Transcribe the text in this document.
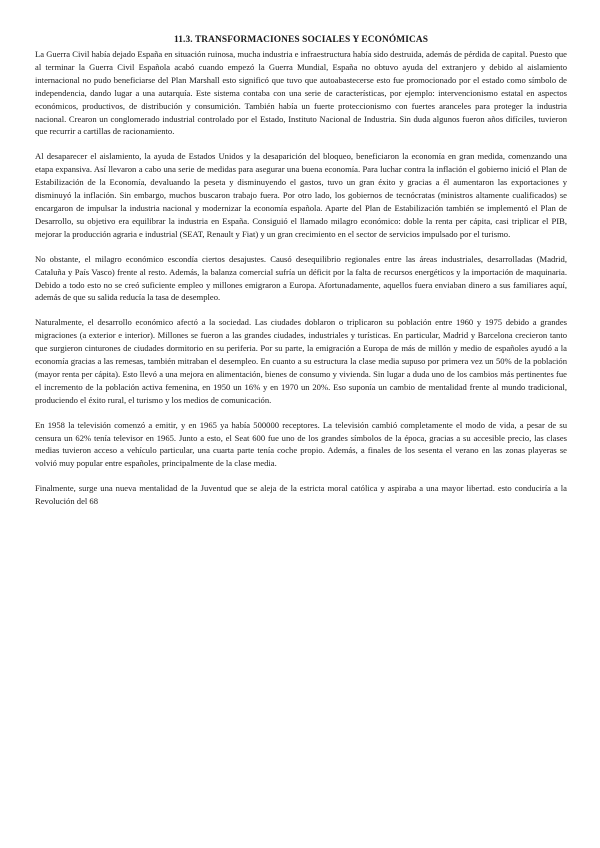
11.3. TRANSFORMACIONES SOCIALES Y ECONÓMICAS

La Guerra Civil había dejado España en situación ruinosa, mucha industria e infraestructura había sido destruida, además de pérdida de capital. Puesto que al terminar la Guerra Civil Española acabó cuando empezó la Guerra Mundial, España no obtuvo ayuda del extranjero y debido al aislamiento internacional no pudo beneficiarse del Plan Marshall esto significó que tuvo que autoabastecerse esto fue promocionado por el estado como símbolo de independencia, dando lugar a una autarquía. Este sistema contaba con una serie de características, por ejemplo: intervencionismo estatal en aspectos económicos, productivos, de distribución y consumición. También había un fuerte proteccionismo con fuertes aranceles para proteger la industria nacional. Crearon un conglomerado industrial controlado por el Estado, Instituto Nacional de Industria. Sin duda algunos fueron años difíciles, tuvieron que recurrir a cartillas de racionamiento.

Al desaparecer el aislamiento, la ayuda de Estados Unidos y la desaparición del bloqueo, beneficiaron la economía en gran medida, comenzando una etapa expansiva. Así llevaron a cabo una serie de medidas para asegurar una buena economía. Para luchar contra la inflación el gobierno inició el Plan de Estabilización de la Economía, devaluando la peseta y disminuyendo el gastos, tuvo un gran éxito y gracias a él aumentaron las exportaciones y disminuyó la inflación. Sin embargo, muchos buscaron trabajo fuera. Por otro lado, los gobiernos de tecnócratas (ministros altamente cualificados) se encargaron de impulsar la industria nacional y modernizar la economía española. Aparte del Plan de Estabilización también se implementó el Plan de Desarrollo, su objetivo era equilibrar la industria en España. Consiguió el llamado milagro económico: doble la renta per cápita, casi triplicar el PIB, mejorar la producción agraria e industrial (SEAT, Renault y Fiat) y un gran crecimiento en el sector de servicios impulsado por el turismo.

No obstante, el milagro económico escondía ciertos desajustes. Causó desequilibrio regionales entre las áreas industriales, desarrolladas (Madrid, Cataluña y País Vasco) frente al resto. Además, la balanza comercial sufría un déficit por la falta de recursos energéticos y la importación de maquinaria. Debido a todo esto no se creó suficiente empleo y millones emigraron a Europa. Afortunadamente, aquellos fuera enviaban dinero a sus familiares aquí, además de que su salida reducía la tasa de desempleo.

Naturalmente, el desarrollo económico afectó a la sociedad. Las ciudades doblaron o triplicaron su población entre 1960 y 1975 debido a grandes migraciones (a exterior e interior). Millones se fueron a las grandes ciudades, industriales y turísticas. En particular, Madrid y Barcelona crecieron tanto que surgieron cinturones de ciudades dormitorio en su periferia. Por su parte, la emigración a Europa de más de millón y medio de españoles ayudó a la economía gracias a las remesas, también mitraban el desempleo. En cuanto a su estructura la clase media supuso por primera vez un 50% de la población (mayor renta per cápita). Esto llevó a una mejora en alimentación, bienes de consumo y vivienda. Sin lugar a duda uno de los cambios más pertinentes fue el incremento de la población activa femenina, en 1950 un 16% y en 1970 un 20%. Eso suponía un cambio de mentalidad frente al mundo tradicional, produciendo el éxito rural, el turismo y los medios de comunicación.

En 1958 la televisión comenzó a emitir, y en 1965 ya había 500000 receptores. La televisión cambió completamente el modo de vida, a pesar de su censura un 62% tenía televisor en 1965. Junto a esto, el Seat 600 fue uno de los grandes símbolos de la época, gracias a su accesible precio, las clases medias tuvieron acceso a vehículo particular, una cuarta parte tenía coche propio. Además, a finales de los sesenta el verano en las zonas playeras se volvió muy popular entre españoles, principalmente de la clase media.

Finalmente, surge una nueva mentalidad de la Juventud que se aleja de la estricta moral católica y aspiraba a una mayor libertad. esto conduciría a la Revolución del 68
